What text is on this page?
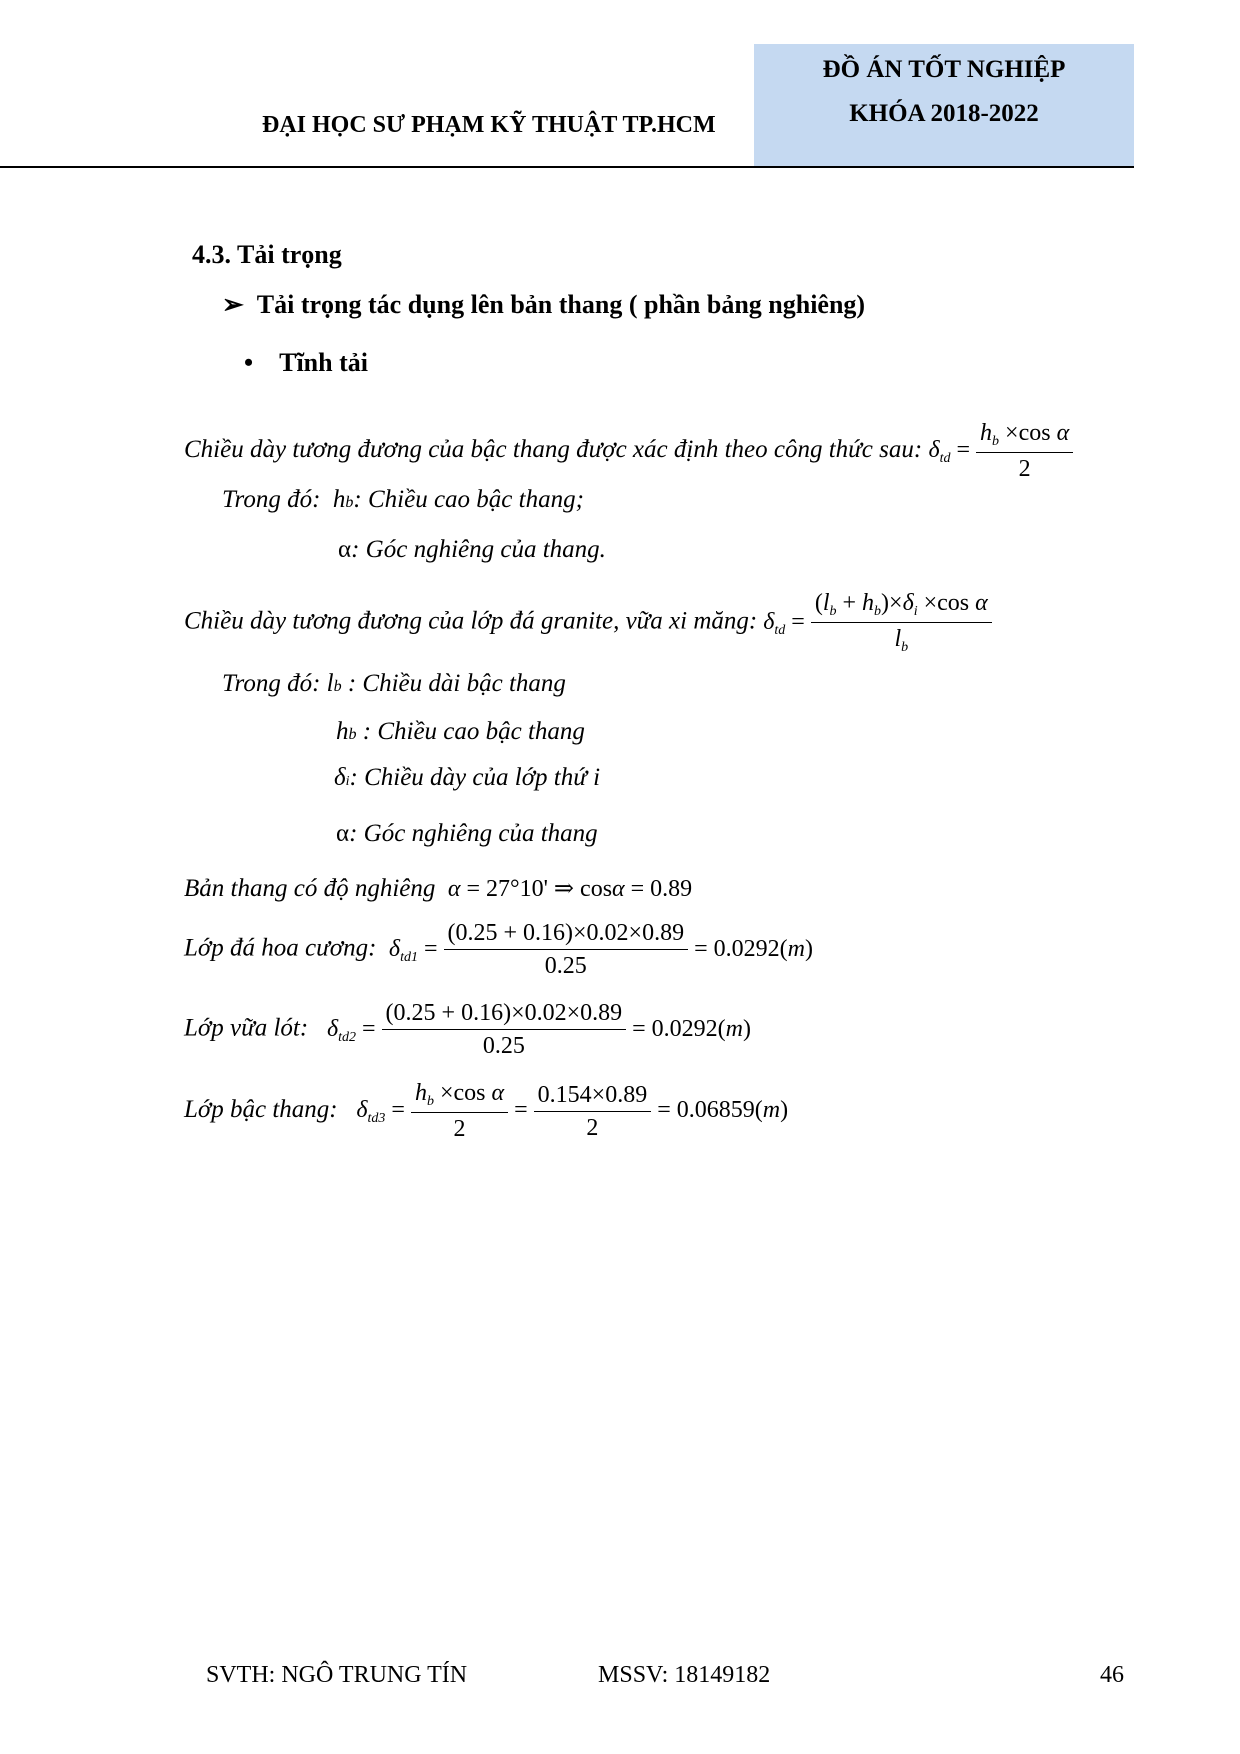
ĐẠI HỌC SƯ PHẠM KỸ THUẬT TP.HCM
ĐỒ ÁN TỐT NGHIỆP
KHÓA 2018-2022
4.3. Tải trọng
➢ Tải trọng tác dụng lên bản thang ( phần bảng nghiêng)
• Tĩnh tải
Chiều dày tương đương của bậc thang được xác định theo công thức sau: $\delta_{td} = \frac{h_b \times\cos \alpha}{2}$
Trong đó:  hb: Chiều cao bậc thang;
α: Góc nghiêng của thang.
Chiều dày tương đương của lớp đá granite, vữa xi măng: $\delta_{td} = \frac{(l_b + h_b)\times\delta_i \times\cos \alpha}{l_b}$
Trong đó: lb : Chiều dài bậc thang
hb : Chiều cao bậc thang
δi: Chiều dày của lớp thứ i
α: Góc nghiêng của thang
Bản thang có độ nghiêng α = 27°10' ⇒ cosα = 0.89
Lớp đá hoa cương: $\delta_{td1} = \frac{(0.25 + 0.16)\times 0.02\times 0.89}{0.25} = 0.0292(m)$
Lớp vữa lót: $\delta_{td2} = \frac{(0.25 + 0.16)\times 0.02\times 0.89}{0.25} = 0.0292(m)$
Lớp bậc thang: $\delta_{td3} = \frac{h_b \times\cos \alpha}{2} = \frac{0.154\times 0.89}{2} = 0.06859(m)$
SVTH: NGÔ TRUNG TÍN	MSSV: 18149182	46
